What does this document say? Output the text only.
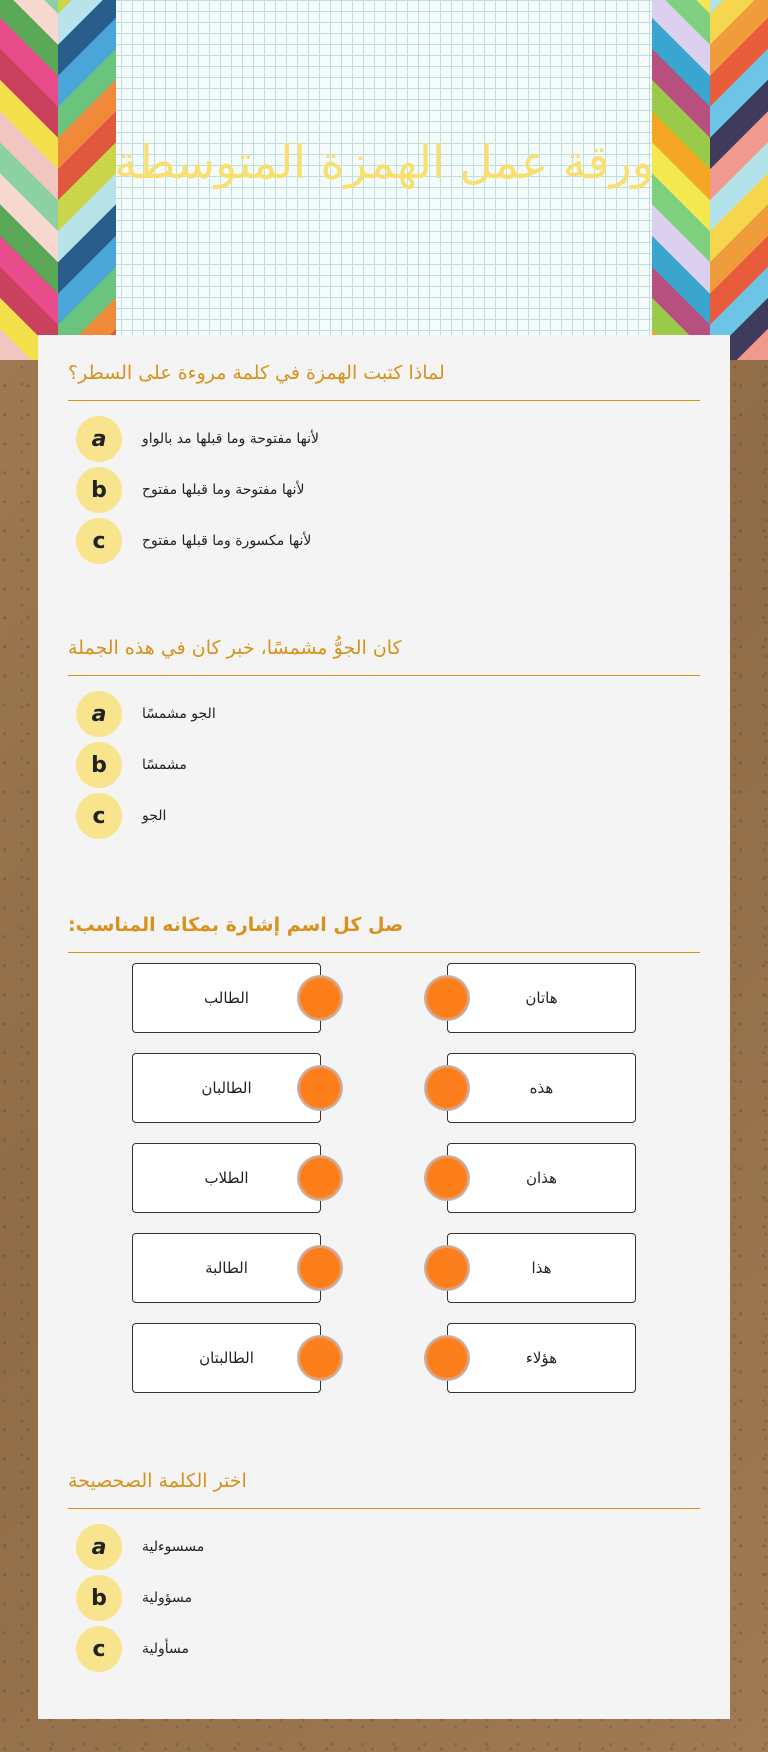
ورقة عمل الهمزة المتوسطة
لماذا كتبت الهمزة في كلمة مروءة على السطر؟
a	لأنها مفتوحة وما قبلها مد بالواو
b	لأنها مفتوحة وما قبلها مفتوح
c	لأنها مكسورة وما قبلها مفتوح
كان الجوُّ مشمسًا، خبر كان في هذه الجملة
a	الجو مشمسًا
b	مشمسًا
c	الجو
صل كل اسم إشارة بمكانه المناسب:
الطالب	هاتان
الطالبان	هذه
الطلاب	هذان
الطالبة	هذا
الطالبتان	هؤلاء
اختر الكلمة الصحصيحة
a	مسسوءلية
b	مسؤولية
c	مسأولية
